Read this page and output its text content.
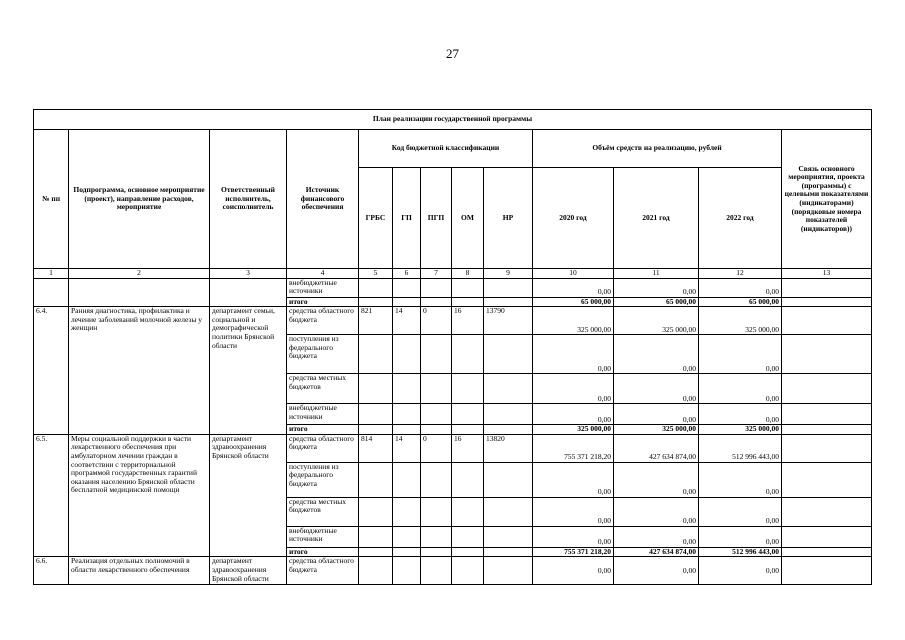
27
План реализации государственной программы												
№ пп	Подпрограмма, основное мероприятие (проект), направление расходов, мероприятие	Ответственный исполнитель, соисполнитель	Источник финансового обеспечения	Код бюджетной классификации					Объём средств на реализацию, рублей			Связь основного мероприятия, проекта (программы) с целевыми показателями (индикаторами) (порядковые номера показателей (индикаторов))
				ГРБС	ГП	ПГП	ОМ	НР	2020 год	2021 год	2022 год	
1	2	3	4	5	6	7	8	9	10	11	12	13
			внебюджетные источники						0,00	0,00	0,00	
			итого						65 000,00	65 000,00	65 000,00	
6.4.	Ранняя диагностика, профилактика и лечение заболеваний молочной железы у женщин	департамент семьи, социальной и демографической политики Брянской области	средства областного бюджета	821	14	0	16	13790	325 000,00	325 000,00	325 000,00	
			поступления из федерального бюджета						0,00	0,00	0,00	
			средства местных бюджетов						0,00	0,00	0,00	
			внебюджетные источники						0,00	0,00	0,00	
			итого						325 000,00	325 000,00	325 000,00	
6.5.	Меры социальной поддержки в части лекарственного обеспечения при амбулаторном лечении граждан в соответствии с территориальной программой государственных гарантий оказания населению Брянской области бесплатной медицинской помощи	департамент здравоохранения Брянской области	средства областного бюджета	814	14	0	16	13820	755 371 218,20	427 634 874,00	512 996 443,00	
			поступления из федерального бюджета						0,00	0,00	0,00	
			средства местных бюджетов						0,00	0,00	0,00	
			внебюджетные источники						0,00	0,00	0,00	
			итого						755 371 218,20	427 634 874,00	512 996 443,00	
6.6.	Реализация отдельных полномочий в области лекарственного обеспечения	департамент здравоохранения Брянской области	средства областного бюджета						0,00	0,00	0,00	
